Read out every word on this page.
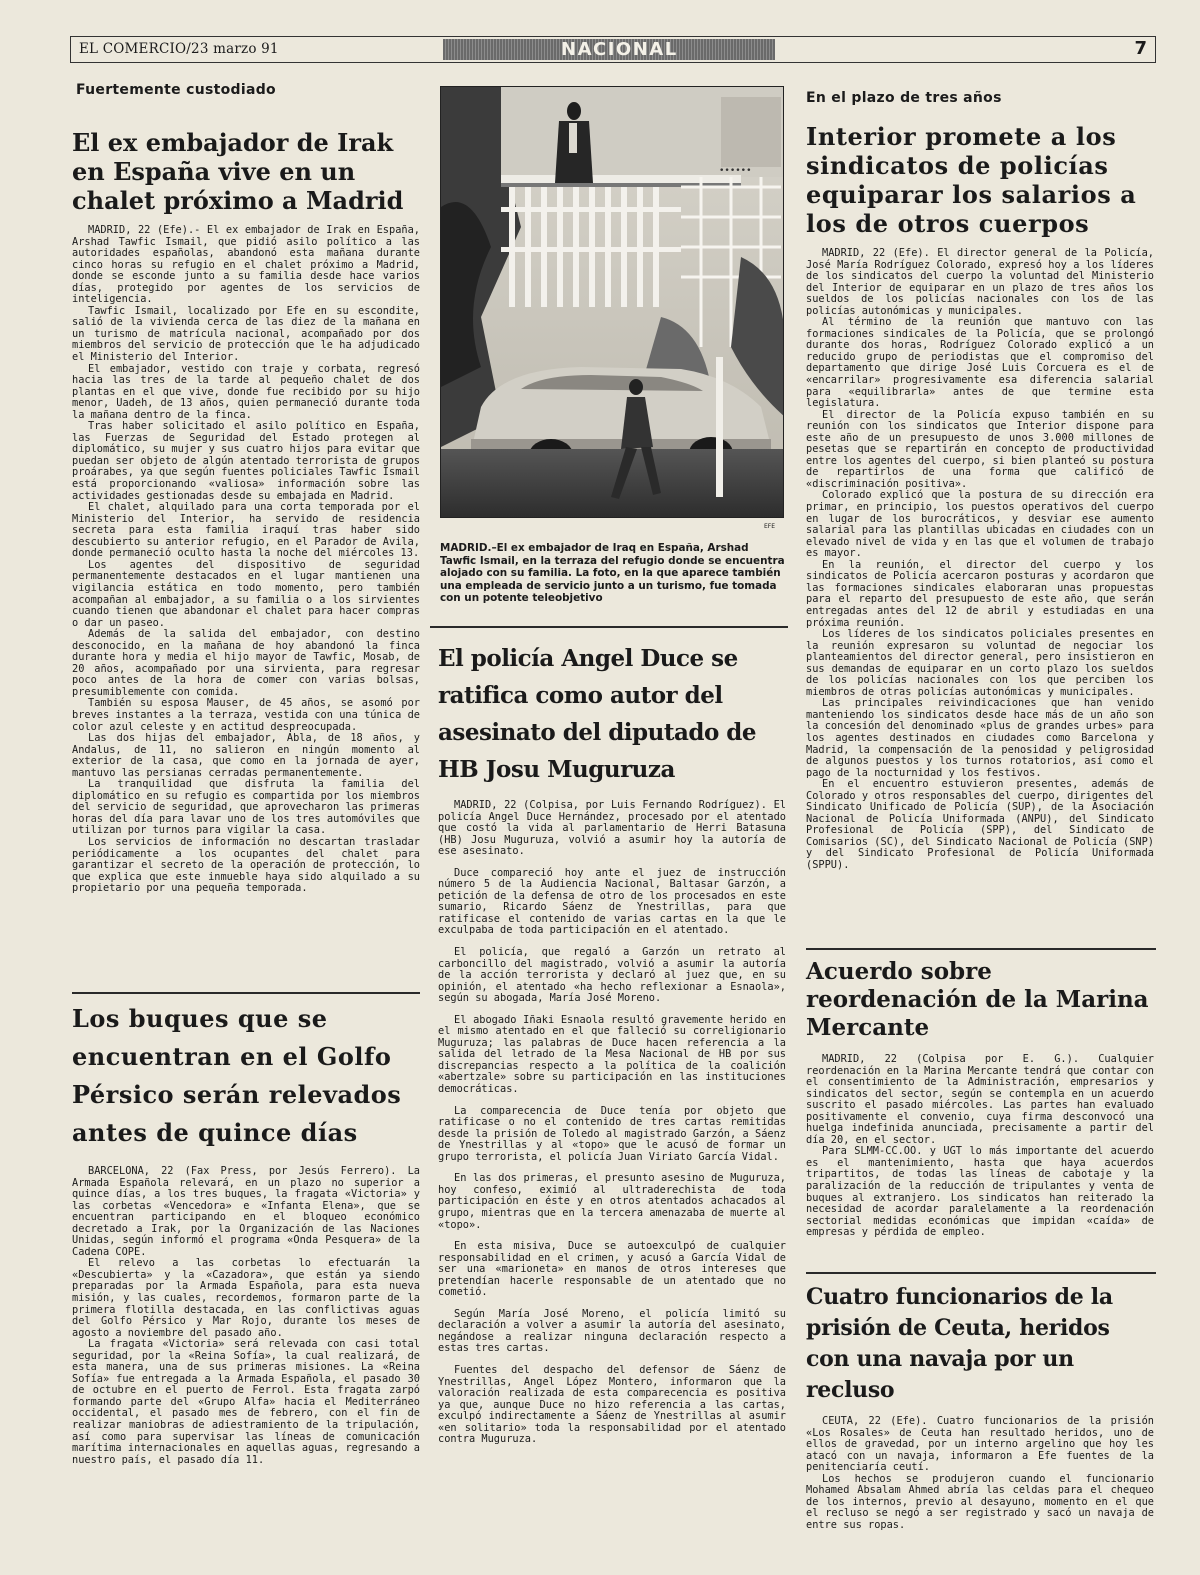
EL COMERCIO/23 marzo 91	NACIONAL	7

Fuertemente custodiado

El ex embajador de Irak en España vive en un chalet próximo a Madrid

MADRID, 22 (Efe).- El ex embajador de Irak en España, Arshad Tawfic Ismail, que pidió asilo político a las autoridades españolas, abandonó esta mañana durante cinco horas su refugio en el chalet próximo a Madrid, donde se esconde junto a su familia desde hace varios días, protegido por agentes de los servicios de inteligencia.

Tawfic Ismail, localizado por Efe en su escondite, salió de la vivienda cerca de las diez de la mañana en un turismo de matrícula nacional, acompañado por dos miembros del servicio de protección que le ha adjudicado el Ministerio del Interior.

El embajador, vestido con traje y corbata, regresó hacia las tres de la tarde al pequeño chalet de dos plantas en el que vive, donde fue recibido por su hijo menor, Uadeh, de 13 años, quien permaneció durante toda la mañana dentro de la finca.

Tras haber solicitado el asilo político en España, las Fuerzas de Seguridad del Estado protegen al diplomático, su mujer y sus cuatro hijos para evitar que puedan ser objeto de algún atentado terrorista de grupos proárabes, ya que según fuentes policiales Tawfic Ismail está proporcionando «valiosa» información sobre las actividades gestionadas desde su embajada en Madrid.

El chalet, alquilado para una corta temporada por el Ministerio del Interior, ha servido de residencia secreta para esta familia iraquí tras haber sido descubierto su anterior refugio, en el Parador de Avila, donde permaneció oculto hasta la noche del miércoles 13.

Los agentes del dispositivo de seguridad permanentemente destacados en el lugar mantienen una vigilancia estática en todo momento, pero también acompañan al embajador, a su familia o a los sirvientes cuando tienen que abandonar el chalet para hacer compras o dar un paseo.

Además de la salida del embajador, con destino desconocido, en la mañana de hoy abandonó la finca durante hora y media el hijo mayor de Tawfic, Mosab, de 20 años, acompañado por una sirvienta, para regresar poco antes de la hora de comer con varias bolsas, presumiblemente con comida.

También su esposa Mauser, de 45 años, se asomó por breves instantes a la terraza, vestida con una túnica de color azul celeste y en actitud despreocupada.

Las dos hijas del embajador, Abla, de 18 años, y Andalus, de 11, no salieron en ningún momento al exterior de la casa, que como en la jornada de ayer, mantuvo las persianas cerradas permanentemente.

La tranquilidad que disfruta la familia del diplomático en su refugio es compartida por los miembros del servicio de seguridad, que aprovecharon las primeras horas del día para lavar uno de los tres automóviles que utilizan por turnos para vigilar la casa.

Los servicios de información no descartan trasladar periódicamente a los ocupantes del chalet para garantizar el secreto de la operación de protección, lo que explica que este inmueble haya sido alquilado a su propietario por una pequeña temporada.

Los buques que se encuentran en el Golfo Pérsico serán relevados antes de quince días

BARCELONA, 22 (Fax Press, por Jesús Ferrero). La Armada Española relevará, en un plazo no superior a quince días, a los tres buques, la fragata «Victoria» y las corbetas «Vencedora» e «Infanta Elena», que se encuentran participando en el bloqueo económico decretado a Irak, por la Organización de las Naciones Unidas, según informó el programa «Onda Pesquera» de la Cadena COPE.

El relevo a las corbetas lo efectuarán la «Descubierta» y la «Cazadora», que están ya siendo preparadas por la Armada Española, para esta nueva misión, y las cuales, recordemos, formaron parte de la primera flotilla destacada, en las conflictivas aguas del Golfo Pérsico y Mar Rojo, durante los meses de agosto a noviembre del pasado año.

La fragata «Victoria» será relevada con casi total seguridad, por la «Reina Sofía», la cual realizará, de esta manera, una de sus primeras misiones. La «Reina Sofía» fue entregada a la Armada Española, el pasado 30 de octubre en el puerto de Ferrol. Esta fragata zarpó formando parte del «Grupo Alfa» hacia el Mediterráneo occidental, el pasado mes de febrero, con el fin de realizar maniobras de adiestramiento de la tripulación, así como para supervisar las líneas de comunicación marítima internacionales en aquellas aguas, regresando a nuestro país, el pasado día 11.

••••••
EFE

MADRID.–El ex embajador de Iraq en España, Arshad Tawfic Ismail, en la terraza del refugio donde se encuentra alojado con su familia. La foto, en la que aparece también una empleada de servicio junto a un turismo, fue tomada con un potente teleobjetivo

El policía Angel Duce se ratifica como autor del asesinato del diputado de HB Josu Muguruza

MADRID, 22 (Colpisa, por Luis Fernando Rodríguez). El policía Angel Duce Hernández, procesado por el atentado que costó la vida al parlamentario de Herri Batasuna (HB) Josu Muguruza, volvió a asumir hoy la autoría de ese asesinato.

Duce compareció hoy ante el juez de instrucción número 5 de la Audiencia Nacional, Baltasar Garzón, a petición de la defensa de otro de los procesados en este sumario, Ricardo Sáenz de Ynestrillas, para que ratificase el contenido de varias cartas en la que le exculpaba de toda participación en el atentado.

El policía, que regaló a Garzón un retrato al carboncillo del magistrado, volvió a asumir la autoría de la acción terrorista y declaró al juez que, en su opinión, el atentado «ha hecho reflexionar a Esnaola», según su abogada, María José Moreno.

El abogado Iñaki Esnaola resultó gravemente herido en el mismo atentado en el que falleció su correligionario Muguruza; las palabras de Duce hacen referencia a la salida del letrado de la Mesa Nacional de HB por sus discrepancias respecto a la política de la coalición «abertzale» sobre su participación en las instituciones democráticas.

La comparecencia de Duce tenía por objeto que ratificase o no el contenido de tres cartas remitidas desde la prisión de Toledo al magistrado Garzón, a Sáenz de Ynestrillas y al «topo» que le acusó de formar un grupo terrorista, el policía Juan Viriato García Vidal.

En las dos primeras, el presunto asesino de Muguruza, hoy confeso, eximió al ultraderechista de toda participación en éste y en otros atentados achacados al grupo, mientras que en la tercera amenazaba de muerte al «topo».

En esta misiva, Duce se autoexculpó de cualquier responsabilidad en el crimen, y acusó a García Vidal de ser una «marioneta» en manos de otros intereses que pretendían hacerle responsable de un atentado que no cometió.

Según María José Moreno, el policía limitó su declaración a volver a asumir la autoría del asesinato, negándose a realizar ninguna declaración respecto a estas tres cartas.

Fuentes del despacho del defensor de Sáenz de Ynestrillas, Angel López Montero, informaron que la valoración realizada de esta comparecencia es positiva ya que, aunque Duce no hizo referencia a las cartas, exculpó indirectamente a Sáenz de Ynestrillas al asumir «en solitario» toda la responsabilidad por el atentado contra Muguruza.

En el plazo de tres años

Interior promete a los sindicatos de policías equiparar los salarios a los de otros cuerpos

MADRID, 22 (Efe). El director general de la Policía, José María Rodríguez Colorado, expresó hoy a los líderes de los sindicatos del cuerpo la voluntad del Ministerio del Interior de equiparar en un plazo de tres años los sueldos de los policías nacionales con los de las policías autonómicas y municipales.

Al término de la reunión que mantuvo con las formaciones sindicales de la Policía, que se prolongó durante dos horas, Rodríguez Colorado explicó a un reducido grupo de periodistas que el compromiso del departamento que dirige José Luis Corcuera es el de «encarrilar» progresivamente esa diferencia salarial para «equilibrarla» antes de que termine esta legislatura.

El director de la Policía expuso también en su reunión con los sindicatos que Interior dispone para este año de un presupuesto de unos 3.000 millones de pesetas que se repartirán en concepto de productividad entre los agentes del cuerpo, si bien planteó su postura de repartirlos de una forma que calificó de «discriminación positiva».

Colorado explicó que la postura de su dirección era primar, en principio, los puestos operativos del cuerpo en lugar de los burocráticos, y desviar ese aumento salarial para las plantillas ubicadas en ciudades con un elevado nivel de vida y en las que el volumen de trabajo es mayor.

En la reunión, el director del cuerpo y los sindicatos de Policía acercaron posturas y acordaron que las formaciones sindicales elaboraran unas propuestas para el reparto del presupuesto de este año, que serán entregadas antes del 12 de abril y estudiadas en una próxima reunión.

Los líderes de los sindicatos policiales presentes en la reunión expresaron su voluntad de negociar los planteamientos del director general, pero insistieron en sus demandas de equiparar en un corto plazo los sueldos de los policías nacionales con los que perciben los miembros de otras policías autonómicas y municipales.

Las principales reivindicaciones que han venido manteniendo los sindicatos desde hace más de un año son la concesión del denominado «plus de grandes urbes» para los agentes destinados en ciudades como Barcelona y Madrid, la compensación de la penosidad y peligrosidad de algunos puestos y los turnos rotatorios, así como el pago de la nocturnidad y los festivos.

En el encuentro estuvieron presentes, además de Colorado y otros responsables del cuerpo, dirigentes del Sindicato Unificado de Policía (SUP), de la Asociación Nacional de Policía Uniformada (ANPU), del Sindicato Profesional de Policía (SPP), del Sindicato de Comisarios (SC), del Sindicato Nacional de Policía (SNP) y del Sindicato Profesional de Policía Uniformada (SPPU).

Acuerdo sobre reordenación de la Marina Mercante

MADRID, 22 (Colpisa por E. G.). Cualquier reordenación en la Marina Mercante tendrá que contar con el consentimiento de la Administración, empresarios y sindicatos del sector, según se contempla en un acuerdo suscrito el pasado miércoles. Las partes han evaluado positivamente el convenio, cuya firma desconvocó una huelga indefinida anunciada, precisamente a partir del día 20, en el sector.

Para SLMM-CC.OO. y UGT lo más importante del acuerdo es el mantenimiento, hasta que haya acuerdos tripartitos, de todas las líneas de cabotaje y la paralización de la reducción de tripulantes y venta de buques al extranjero. Los sindicatos han reiterado la necesidad de acordar paralelamente a la reordenación sectorial medidas económicas que impidan «caída» de empresas y pérdida de empleo.

Cuatro funcionarios de la prisión de Ceuta, heridos con una navaja por un recluso

CEUTA, 22 (Efe). Cuatro funcionarios de la prisión «Los Rosales» de Ceuta han resultado heridos, uno de ellos de gravedad, por un interno argelino que hoy les atacó con un navaja, informaron a Efe fuentes de la penitenciaría ceutí.

Los hechos se produjeron cuando el funcionario Mohamed Absalam Ahmed abría las celdas para el chequeo de los internos, previo al desayuno, momento en el que el recluso se negó a ser registrado y sacó un navaja de entre sus ropas.
